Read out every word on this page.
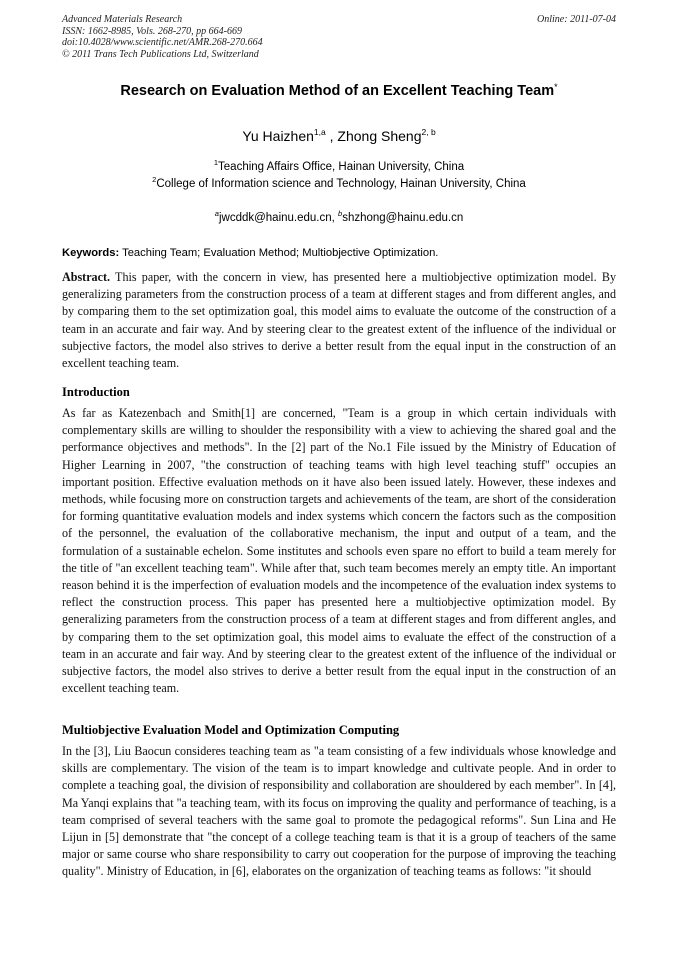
Advanced Materials Research
ISSN: 1662-8985, Vols. 268-270, pp 664-669
doi:10.4028/www.scientific.net/AMR.268-270.664
© 2011 Trans Tech Publications Ltd, Switzerland
Online: 2011-07-04
Research on Evaluation Method of an Excellent Teaching Team*
Yu Haizhen$^{1,a}$ , Zhong Sheng$^{2, b}$
$^1$Teaching Affairs Office, Hainan University, China
$^2$College of Information science and Technology, Hainan University, China
$^a$jwcddk@hainu.edu.cn, $^b$shzhong@hainu.edu.cn
Keywords: Teaching Team; Evaluation Method; Multiobjective Optimization.
Abstract. This paper, with the concern in view, has presented here a multiobjective optimization model. By generalizing parameters from the construction process of a team at different stages and from different angles, and by comparing them to the set optimization goal, this model aims to evaluate the outcome of the construction of a team in an accurate and fair way. And by steering clear to the greatest extent of the influence of the individual or subjective factors, the model also strives to derive a better result from the equal input in the construction of an excellent teaching team.
Introduction
As far as Katezenbach and Smith[1] are concerned, "Team is a group in which certain individuals with complementary skills are willing to shoulder the responsibility with a view to achieving the shared goal and the performance objectives and methods". In the [2] part of the No.1 File issued by the Ministry of Education of Higher Learning in 2007, "the construction of teaching teams with high level teaching stuff" occupies an important position. Effective evaluation methods on it have also been issued lately. However, these indexes and methods, while focusing more on construction targets and achievements of the team, are short of the consideration for forming quantitative evaluation models and index systems which concern the factors such as the composition of the personnel, the evaluation of the collaborative mechanism, the input and output of a team, and the formulation of a sustainable echelon. Some institutes and schools even spare no effort to build a team merely for the title of "an excellent teaching team". While after that, such team becomes merely an empty title. An important reason behind it is the imperfection of evaluation models and the incompetence of the evaluation index systems to reflect the construction process. This paper has presented here a multiobjective optimization model. By generalizing parameters from the construction process of a team at different stages and from different angles, and by comparing them to the set optimization goal, this model aims to evaluate the effect of the construction of a team in an accurate and fair way. And by steering clear to the greatest extent of the influence of the individual or subjective factors, the model also strives to derive a better result from the equal input in the construction of an excellent teaching team.
Multiobjective Evaluation Model and Optimization Computing
In the [3], Liu Baocun consideres teaching team as "a team consisting of a few individuals whose knowledge and skills are complementary. The vision of the team is to impart knowledge and cultivate people. And in order to complete a teaching goal, the division of responsibility and collaboration are shouldered by each member". In [4], Ma Yanqi explains that "a teaching team, with its focus on improving the quality and performance of teaching, is a team comprised of several teachers with the same goal to promote the pedagogical reforms". Sun Lina and He Lijun in [5] demonstrate that "the concept of a college teaching team is that it is a group of teachers of the same major or same course who share responsibility to carry out cooperation for the purpose of improving the teaching quality". Ministry of Education, in [6], elaborates on the organization of teaching teams as follows: "it should
